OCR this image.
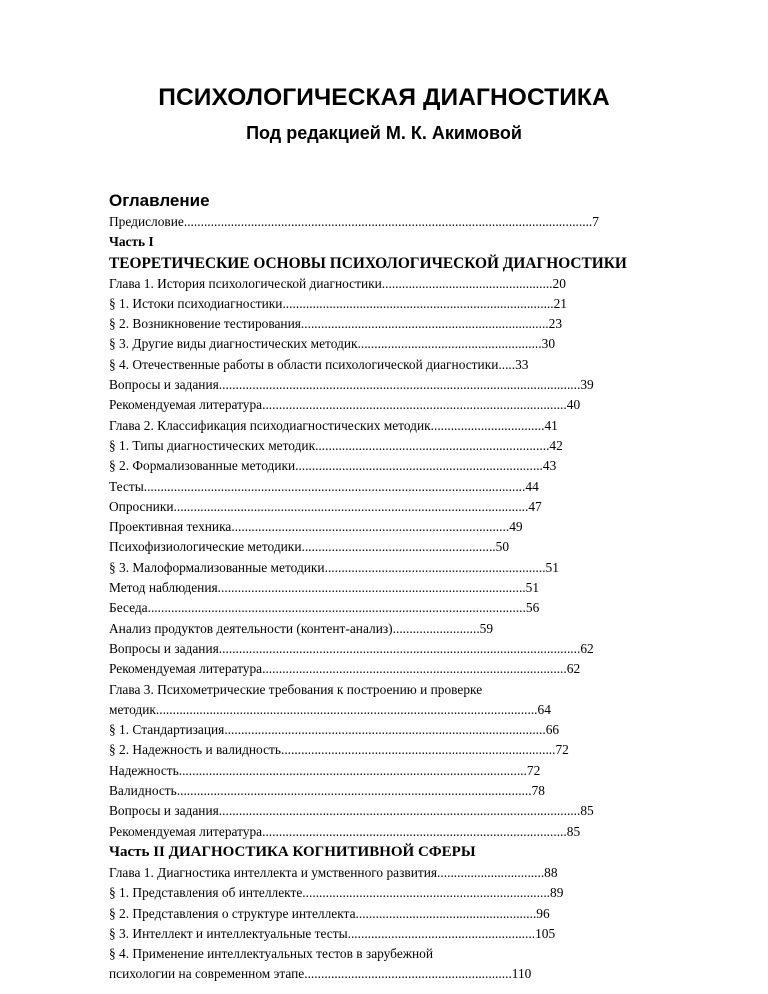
ПСИХОЛОГИЧЕСКАЯ ДИАГНОСТИКА
Под редакцией М. К. Акимовой
Оглавление
Предисловие..........................................................................................................................7
Часть I
ТЕОРЕТИЧЕСКИЕ ОСНОВЫ ПСИХОЛОГИЧЕСКОЙ ДИАГНОСТИКИ
Глава 1. История психологической диагностики...................................................20
§ 1. Истоки психодиагностики.................................................................................21
§ 2. Возникновение тестирования..........................................................................23
§ 3. Другие виды диагностических методик.......................................................30
§ 4. Отечественные работы в области психологической диагностики.....33
Вопросы и задания............................................................................................................39
Рекомендуемая литература...........................................................................................40
Глава 2. Классификация психодиагностических методик..................................41
§ 1. Типы диагностических методик......................................................................42
§ 2. Формализованные методики..........................................................................43
Тесты..................................................................................................................44
Опросники..........................................................................................................47
Проективная техника...................................................................................49
Психофизиологические методики..........................................................50
§ 3. Малоформализованные методики..................................................................51
Метод наблюдения............................................................................................51
Беседа.................................................................................................................56
Анализ продуктов деятельности (контент-анализ)..........................59
Вопросы и задания............................................................................................................62
Рекомендуемая литература...........................................................................................62
Глава 3. Психометрические требования к построению и проверке
методик..................................................................................................................64
§ 1. Стандартизация................................................................................................66
§ 2. Надежность и валидность..................................................................................72
Надежность........................................................................................................72
Валидность..........................................................................................................78
Вопросы и задания............................................................................................................85
Рекомендуемая литература...........................................................................................85
Часть II ДИАГНОСТИКА КОГНИТИВНОЙ СФЕРЫ
Глава 1. Диагностика интеллекта и умственного развития................................88
§ 1. Представления об интеллекте..........................................................................89
§ 2. Представления о структуре интеллекта......................................................96
§ 3. Интеллект и интеллектуальные тесты........................................................105
§ 4. Применение интеллектуальных тестов в зарубежной
психологии на современном этапе..............................................................110
